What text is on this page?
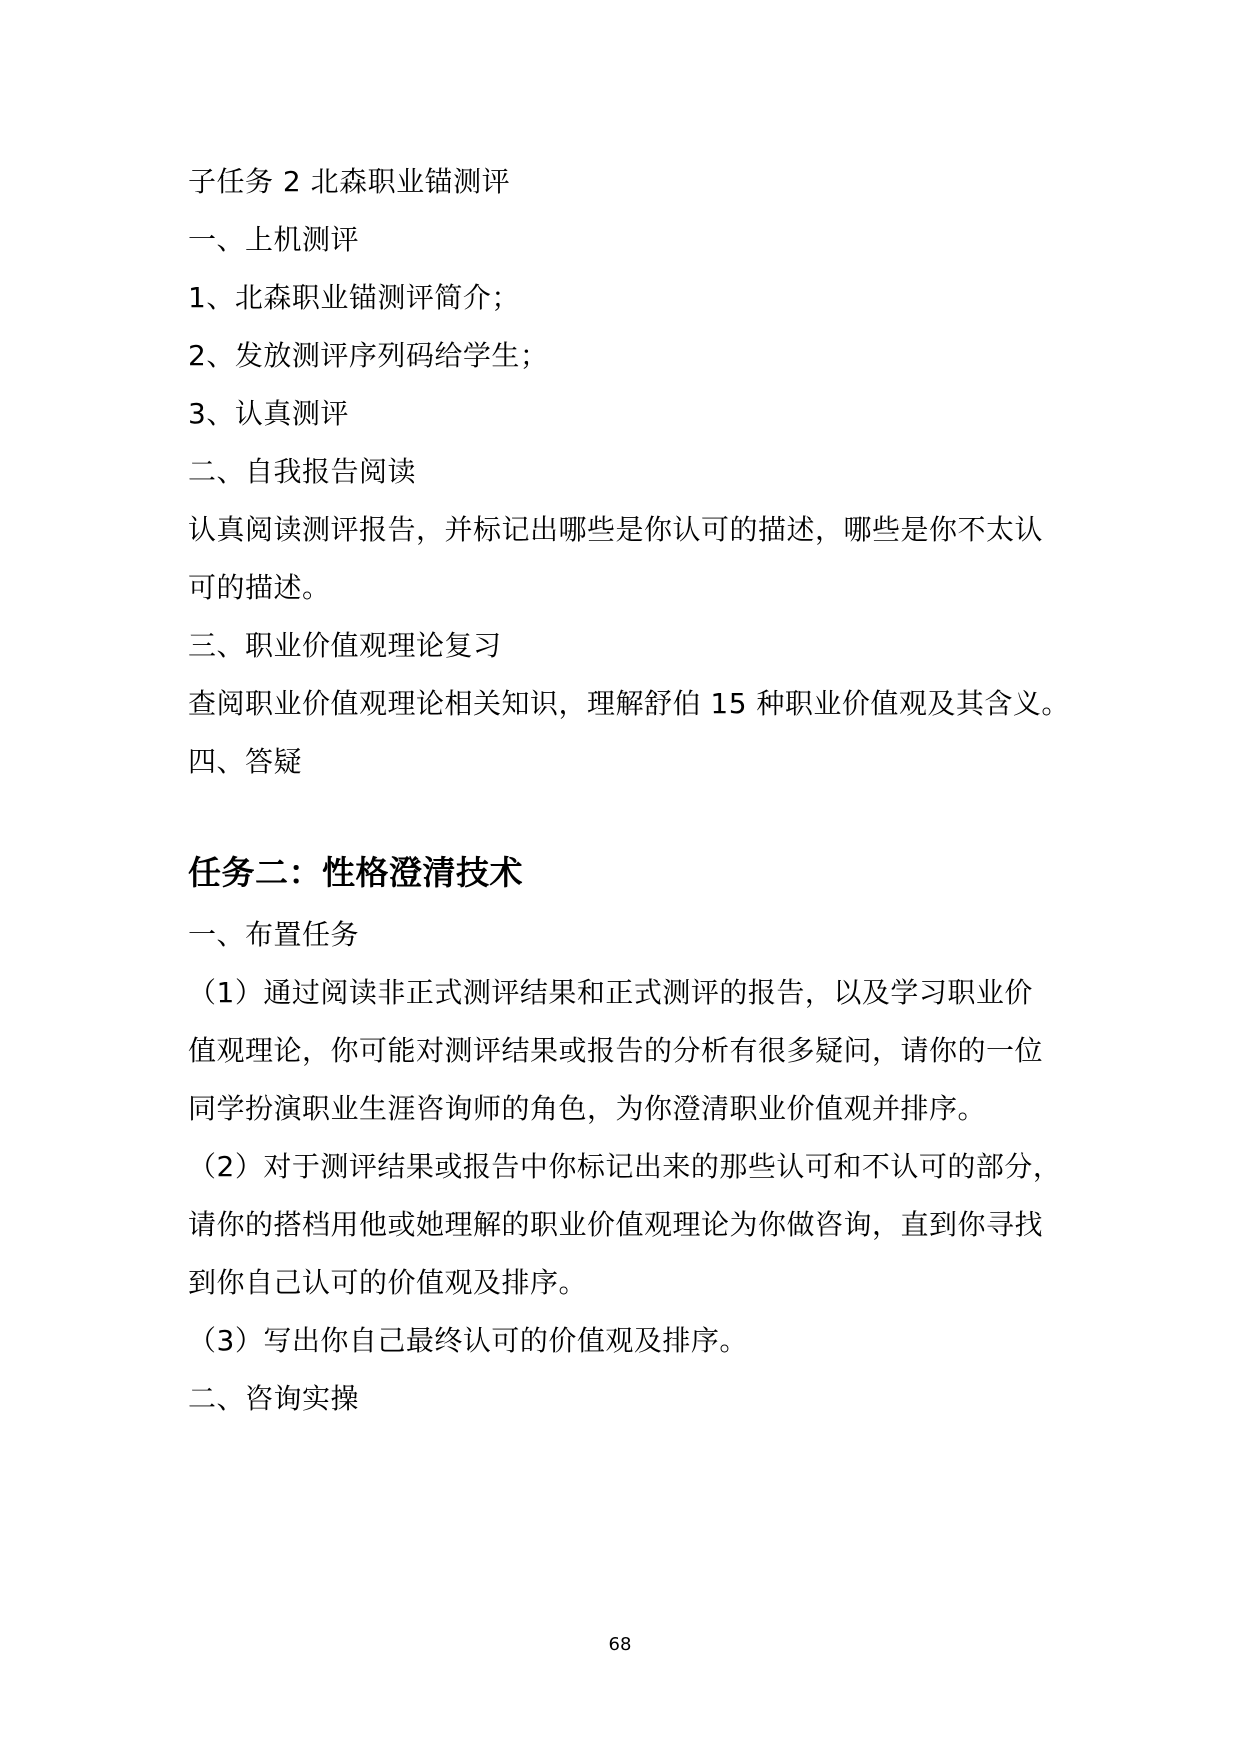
子任务 2 北森职业锚测评
一、上机测评
1、北森职业锚测评简介；
2、发放测评序列码给学生；
3、认真测评
二、自我报告阅读
认真阅读测评报告，并标记出哪些是你认可的描述，哪些是你不太认
可的描述。
三、职业价值观理论复习
查阅职业价值观理论相关知识，理解舒伯 15 种职业价值观及其含义。
四、答疑
任务二：性格澄清技术
一、布置任务
（1）通过阅读非正式测评结果和正式测评的报告，以及学习职业价
值观理论，你可能对测评结果或报告的分析有很多疑问，请你的一位
同学扮演职业生涯咨询师的角色，为你澄清职业价值观并排序。
（2）对于测评结果或报告中你标记出来的那些认可和不认可的部分，
请你的搭档用他或她理解的职业价值观理论为你做咨询，直到你寻找
到你自己认可的价值观及排序。
（3）写出你自己最终认可的价值观及排序。
二、咨询实操
68
